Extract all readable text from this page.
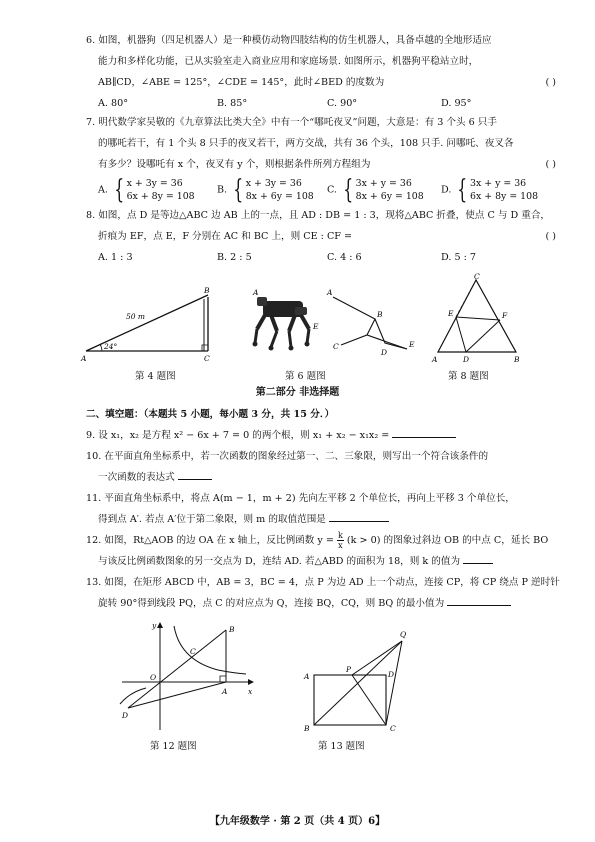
6. 如图，机器狗（四足机器人）是一种模仿动物四肢结构的仿生机器人，具备卓越的全地形适应
能力和多样化功能，已从实验室走入商业应用和家庭场景. 如图所示，机器狗平稳站立时，
AB∥CD，∠ABE = 125°，∠CDE = 145°，此时∠BED 的度数为	( )
A. 80°	B. 85°	C. 90°	D. 95°
7. 明代数学家吴敬的《九章算法比类大全》中有一个“哪吒夜叉”问题，大意是：有 3 个头 6 只手
的哪吒若干，有 1 个头 8 只手的夜叉若干，两方交战，共有 36 个头，108 只手. 问哪吒、夜叉各
有多少？设哪吒有 x 个，夜叉有 y 个，则根据条件所列方程组为	( )
A. { x + 3y = 36
6x + 8y = 108
B. { x + 3y = 36
8x + 6y = 108
C. { 3x + y = 36
8x + 6y = 108
D. { 3x + y = 36
6x + 8y = 108
8. 如图，点 D 是等边△ABC 边 AB 上的一点，且 AD : DB = 1 : 3，现将△ABC 折叠，使点 C 与 D 重合，
折痕为 EF，点 E，F 分别在 AC 和 BC 上，则 CE : CF =	( )
A. 1 : 3	B. 2 : 5	C. 4 : 6	D. 5 : 7
24°
50 m
A
B
C
第 4 题图
A
E
A
B
C
D
E
第 6 题图
C
E	F
A	D	B
第 8 题图
第二部分 非选择题
二、填空题：（本题共 5 小题，每小题 3 分，共 15 分．）
9. 设 x₁，x₂ 是方程 x² − 6x + 7 = 0 的两个根，则 x₁ + x₂ − x₁x₂ =
10. 在平面直角坐标系中，若一次函数的图象经过第一、二、三象限，则写出一个符合该条件的
一次函数的表达式
11. 平面直角坐标系中，将点 A(m − 1，m + 2) 先向左平移 2 个单位长，再向上平移 3 个单位长，
得到点 A′. 若点 A′位于第二象限，则 m 的取值范围是
12. 如图，Rt△AOB 的边 OA 在 x 轴上，反比例函数 $y = \frac{k}{x} (k > 0)$ 的图象过斜边 OB 的中点 C，延长 BO
与该反比例函数图象的另一交点为 D，连结 AD. 若△ABD 的面积为 18，则 k 的值为
13. 如图，在矩形 ABCD 中，AB = 3，BC = 4，点 P 为边 AD 上一个动点，连接 CP，将 CP 绕点 P 逆时针
旋转 90°得到线段 PQ，点 C 的对应点为 Q，连接 BQ，CQ，则 BQ 的最小值为
y
x
O
A
B
C
D
第 12 题图
A
B	C
D
P
Q
第 13 题图
【九年级数学 · 第 2 页（共 4 页）6】
